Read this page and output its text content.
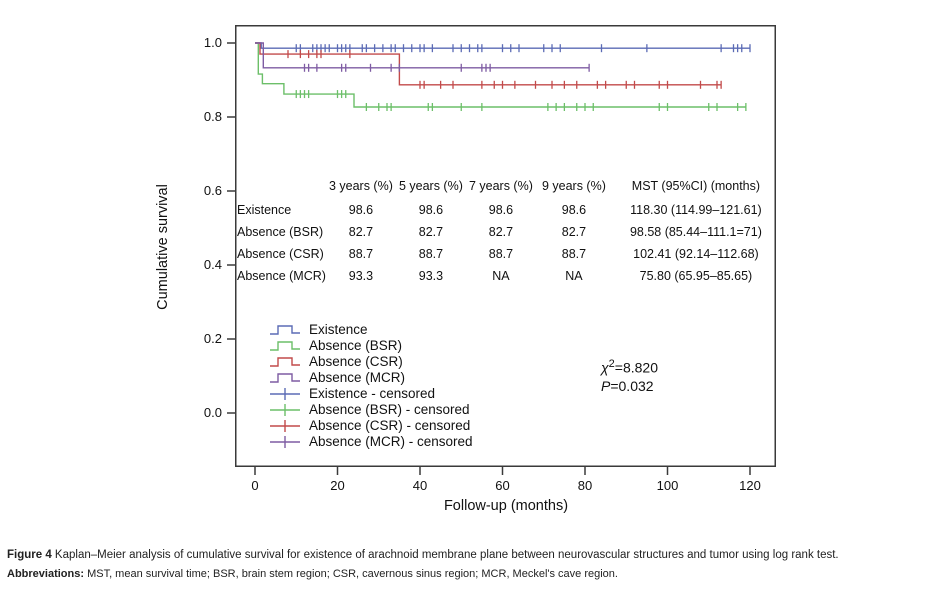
Cumulative survival
Follow-up (months)
	3 years (%)	5 years (%)	7 years (%)	9 years (%)	MST (95%CI) (months)
Existence	98.6	98.6	98.6	98.6	118.30 (114.99–121.61)
Absence (BSR)	82.7	82.7	82.7	82.7	98.58 (85.44–111.1=71)
Absence (CSR)	88.7	88.7	88.7	88.7	102.41 (92.14–112.68)
Absence (MCR)	93.3	93.3	NA	NA	75.80 (65.95–85.65)
Existence
Absence (BSR)
Absence (CSR)
Absence (MCR)
Existence - censored
Absence (BSR) - censored
Absence (CSR) - censored
Absence (MCR) - censored
$\chi^2=8.820$
P=0.032
Figure 4 Kaplan–Meier analysis of cumulative survival for existence of arachnoid membrane plane between neurovascular structures and tumor using log rank test.
Abbreviations: MST, mean survival time; BSR, brain stem region; CSR, cavernous sinus region; MCR, Meckel's cave region.
0	20	40	60	80	100	120
0.0
0.2
0.4
0.6
0.8
1.0
